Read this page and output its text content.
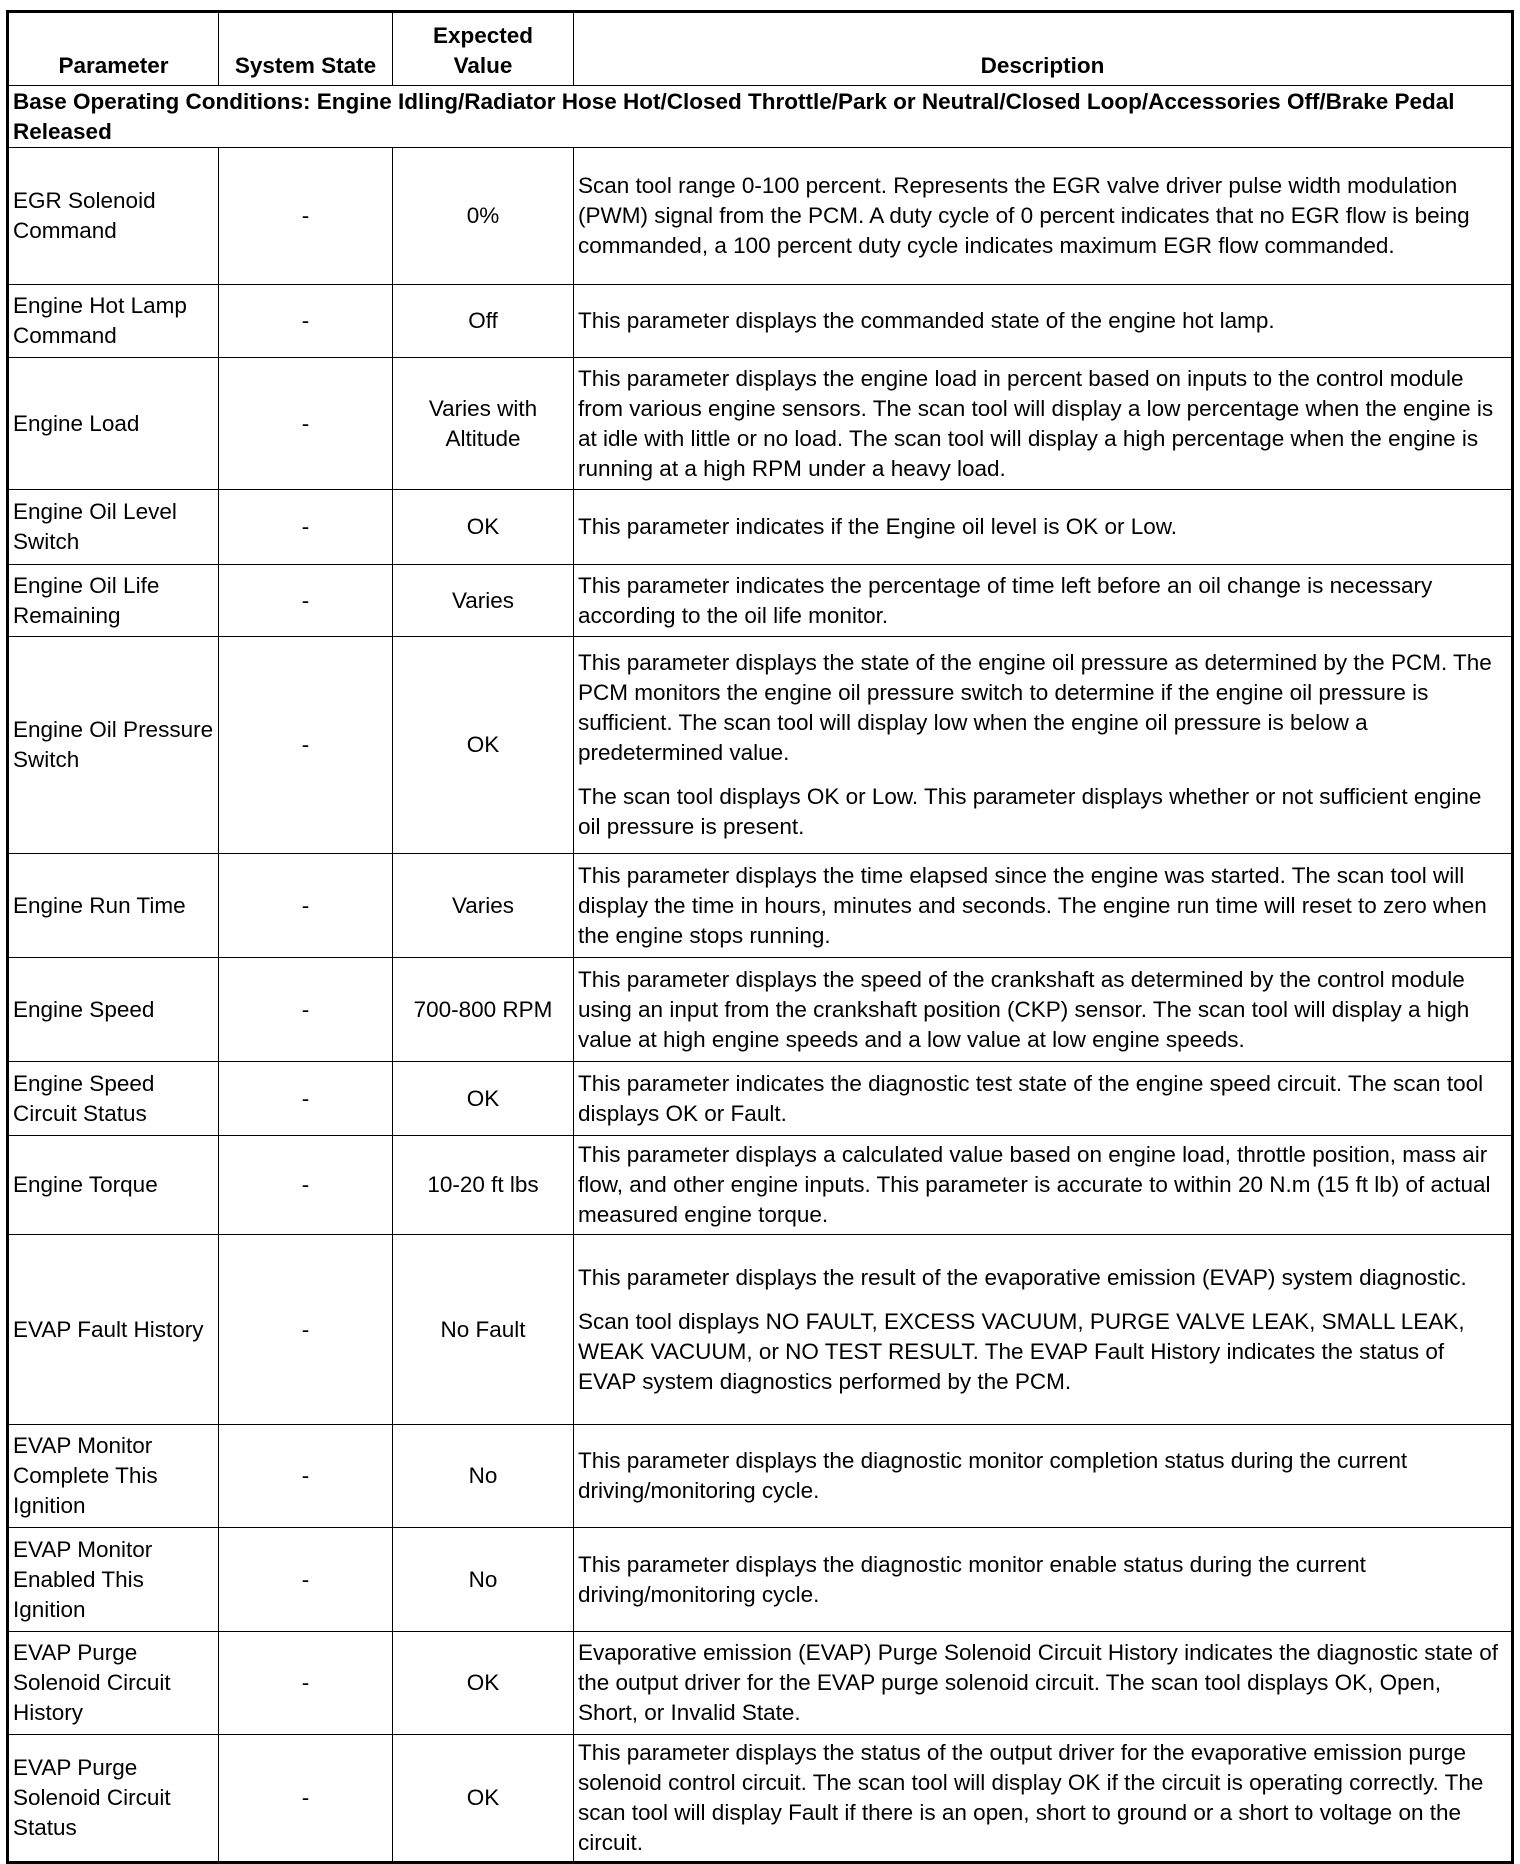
Parameter	System State	Expected Value	Description
Base Operating Conditions: Engine Idling/Radiator Hose Hot/Closed Throttle/Park or Neutral/Closed Loop/Accessories Off/Brake Pedal Released			
EGR Solenoid Command	-	0%	Scan tool range 0-100 percent. Represents the EGR valve driver pulse width modulation (PWM) signal from the PCM. A duty cycle of 0 percent indicates that no EGR flow is being commanded, a 100 percent duty cycle indicates maximum EGR flow commanded.

Engine Hot Lamp Command	-	Off	This parameter displays the commanded state of the engine hot lamp.

Engine Load	-	Varies with Altitude	This parameter displays the engine load in percent based on inputs to the control module from various engine sensors. The scan tool will display a low percentage when the engine is at idle with little or no load. The scan tool will display a high percentage when the engine is running at a high RPM under a heavy load.

Engine Oil Level Switch	-	OK	This parameter indicates if the Engine oil level is OK or Low.

Engine Oil Life Remaining	-	Varies	This parameter indicates the percentage of time left before an oil change is necessary according to the oil life monitor.

Engine Oil Pressure Switch	-	OK	This parameter displays the state of the engine oil pressure as determined by the PCM. The PCM monitors the engine oil pressure switch to determine if the engine oil pressure is sufficient. The scan tool will display low when the engine oil pressure is below a predetermined value.

The scan tool displays OK or Low. This parameter displays whether or not sufficient engine oil pressure is present.

Engine Run Time	-	Varies	This parameter displays the time elapsed since the engine was started. The scan tool will display the time in hours, minutes and seconds. The engine run time will reset to zero when the engine stops running.

Engine Speed	-	700-800 RPM	This parameter displays the speed of the crankshaft as determined by the control module using an input from the crankshaft position (CKP) sensor. The scan tool will display a high value at high engine speeds and a low value at low engine speeds.

Engine Speed Circuit Status	-	OK	This parameter indicates the diagnostic test state of the engine speed circuit. The scan tool displays OK or Fault.

Engine Torque	-	10-20 ft lbs	This parameter displays a calculated value based on engine load, throttle position, mass air flow, and other engine inputs. This parameter is accurate to within 20 N.m (15 ft lb) of actual measured engine torque.

EVAP Fault History	-	No Fault	This parameter displays the result of the evaporative emission (EVAP) system diagnostic.

Scan tool displays NO FAULT, EXCESS VACUUM, PURGE VALVE LEAK, SMALL LEAK, WEAK VACUUM, or NO TEST RESULT. The EVAP Fault History indicates the status of EVAP system diagnostics performed by the PCM.

EVAP Monitor Complete This Ignition	-	No	This parameter displays the diagnostic monitor completion status during the current driving/monitoring cycle.

EVAP Monitor Enabled This Ignition	-	No	This parameter displays the diagnostic monitor enable status during the current driving/monitoring cycle.

EVAP Purge Solenoid Circuit History	-	OK	Evaporative emission (EVAP) Purge Solenoid Circuit History indicates the diagnostic state of the output driver for the EVAP purge solenoid circuit. The scan tool displays OK, Open, Short, or Invalid State.

EVAP Purge Solenoid Circuit Status	-	OK	This parameter displays the status of the output driver for the evaporative emission purge solenoid control circuit. The scan tool will display OK if the circuit is operating correctly. The scan tool will display Fault if there is an open, short to ground or a short to voltage on the circuit.
